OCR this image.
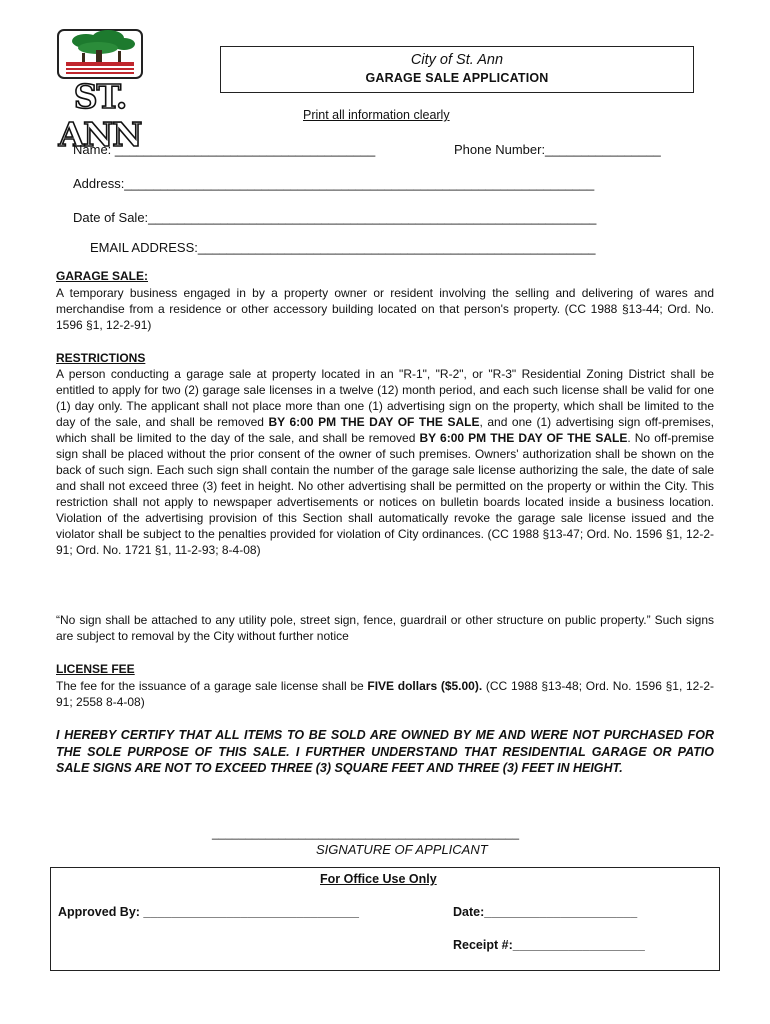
ST. ANN
City of St. Ann
GARAGE SALE APPLICATION
Print all information clearly
Name: ____________________________________	Phone Number:________________
Address:_________________________________________________________________
Date of Sale:______________________________________________________________
EMAIL ADDRESS:_______________________________________________________
GARAGE SALE:
A temporary business engaged in by a property owner or resident involving the selling and delivering of wares and merchandise from a residence or other accessory building located on that person's property. (CC 1988 §13-44; Ord. No. 1596 §1, 12-2-91)
RESTRICTIONS
A person conducting a garage sale at property located in an "R-1", "R-2", or "R-3" Residential Zoning District shall be entitled to apply for two (2) garage sale licenses in a twelve (12) month period, and each such license shall be valid for one (1) day only. The applicant shall not place more than one (1) advertising sign on the property, which shall be limited to the day of the sale, and shall be removed BY 6:00 PM THE DAY OF THE SALE, and one (1) advertising sign off-premises, which shall be limited to the day of the sale, and shall be removed BY 6:00 PM THE DAY OF THE SALE. No off-premise sign shall be placed without the prior consent of the owner of such premises. Owners' authorization shall be shown on the back of such sign. Each such sign shall contain the number of the garage sale license authorizing the sale, the date of sale and shall not exceed three (3) feet in height. No other advertising shall be permitted on the property or within the City. This restriction shall not apply to newspaper advertisements or notices on bulletin boards located inside a business location. Violation of the advertising provision of this Section shall automatically revoke the garage sale license issued and the violator shall be subject to the penalties provided for violation of City ordinances. (CC 1988 §13-47; Ord. No. 1596 §1, 12-2-91; Ord. No. 1721 §1, 11-2-93; 8-4-08)
“No sign shall be attached to any utility pole, street sign, fence, guardrail or other structure on public property.” Such signs are subject to removal by the City without further notice
LICENSE FEE
The fee for the issuance of a garage sale license shall be FIVE dollars ($5.00). (CC 1988 §13-48; Ord. No. 1596 §1, 12-2-91; 2558 8-4-08)
I HEREBY CERTIFY THAT ALL ITEMS TO BE SOLD ARE OWNED BY ME AND WERE NOT PURCHASED FOR THE SOLE PURPOSE OF THIS SALE. I FURTHER UNDERSTAND THAT RESIDENTIAL GARAGE OR PATIO SALE SIGNS ARE NOT TO EXCEED THREE (3) SQUARE FEET AND THREE (3) FEET IN HEIGHT.
______________________________________________
SIGNATURE OF APPLICANT
For Office Use Only
Approved By: _______________________________	Date:______________________
Receipt #:___________________
